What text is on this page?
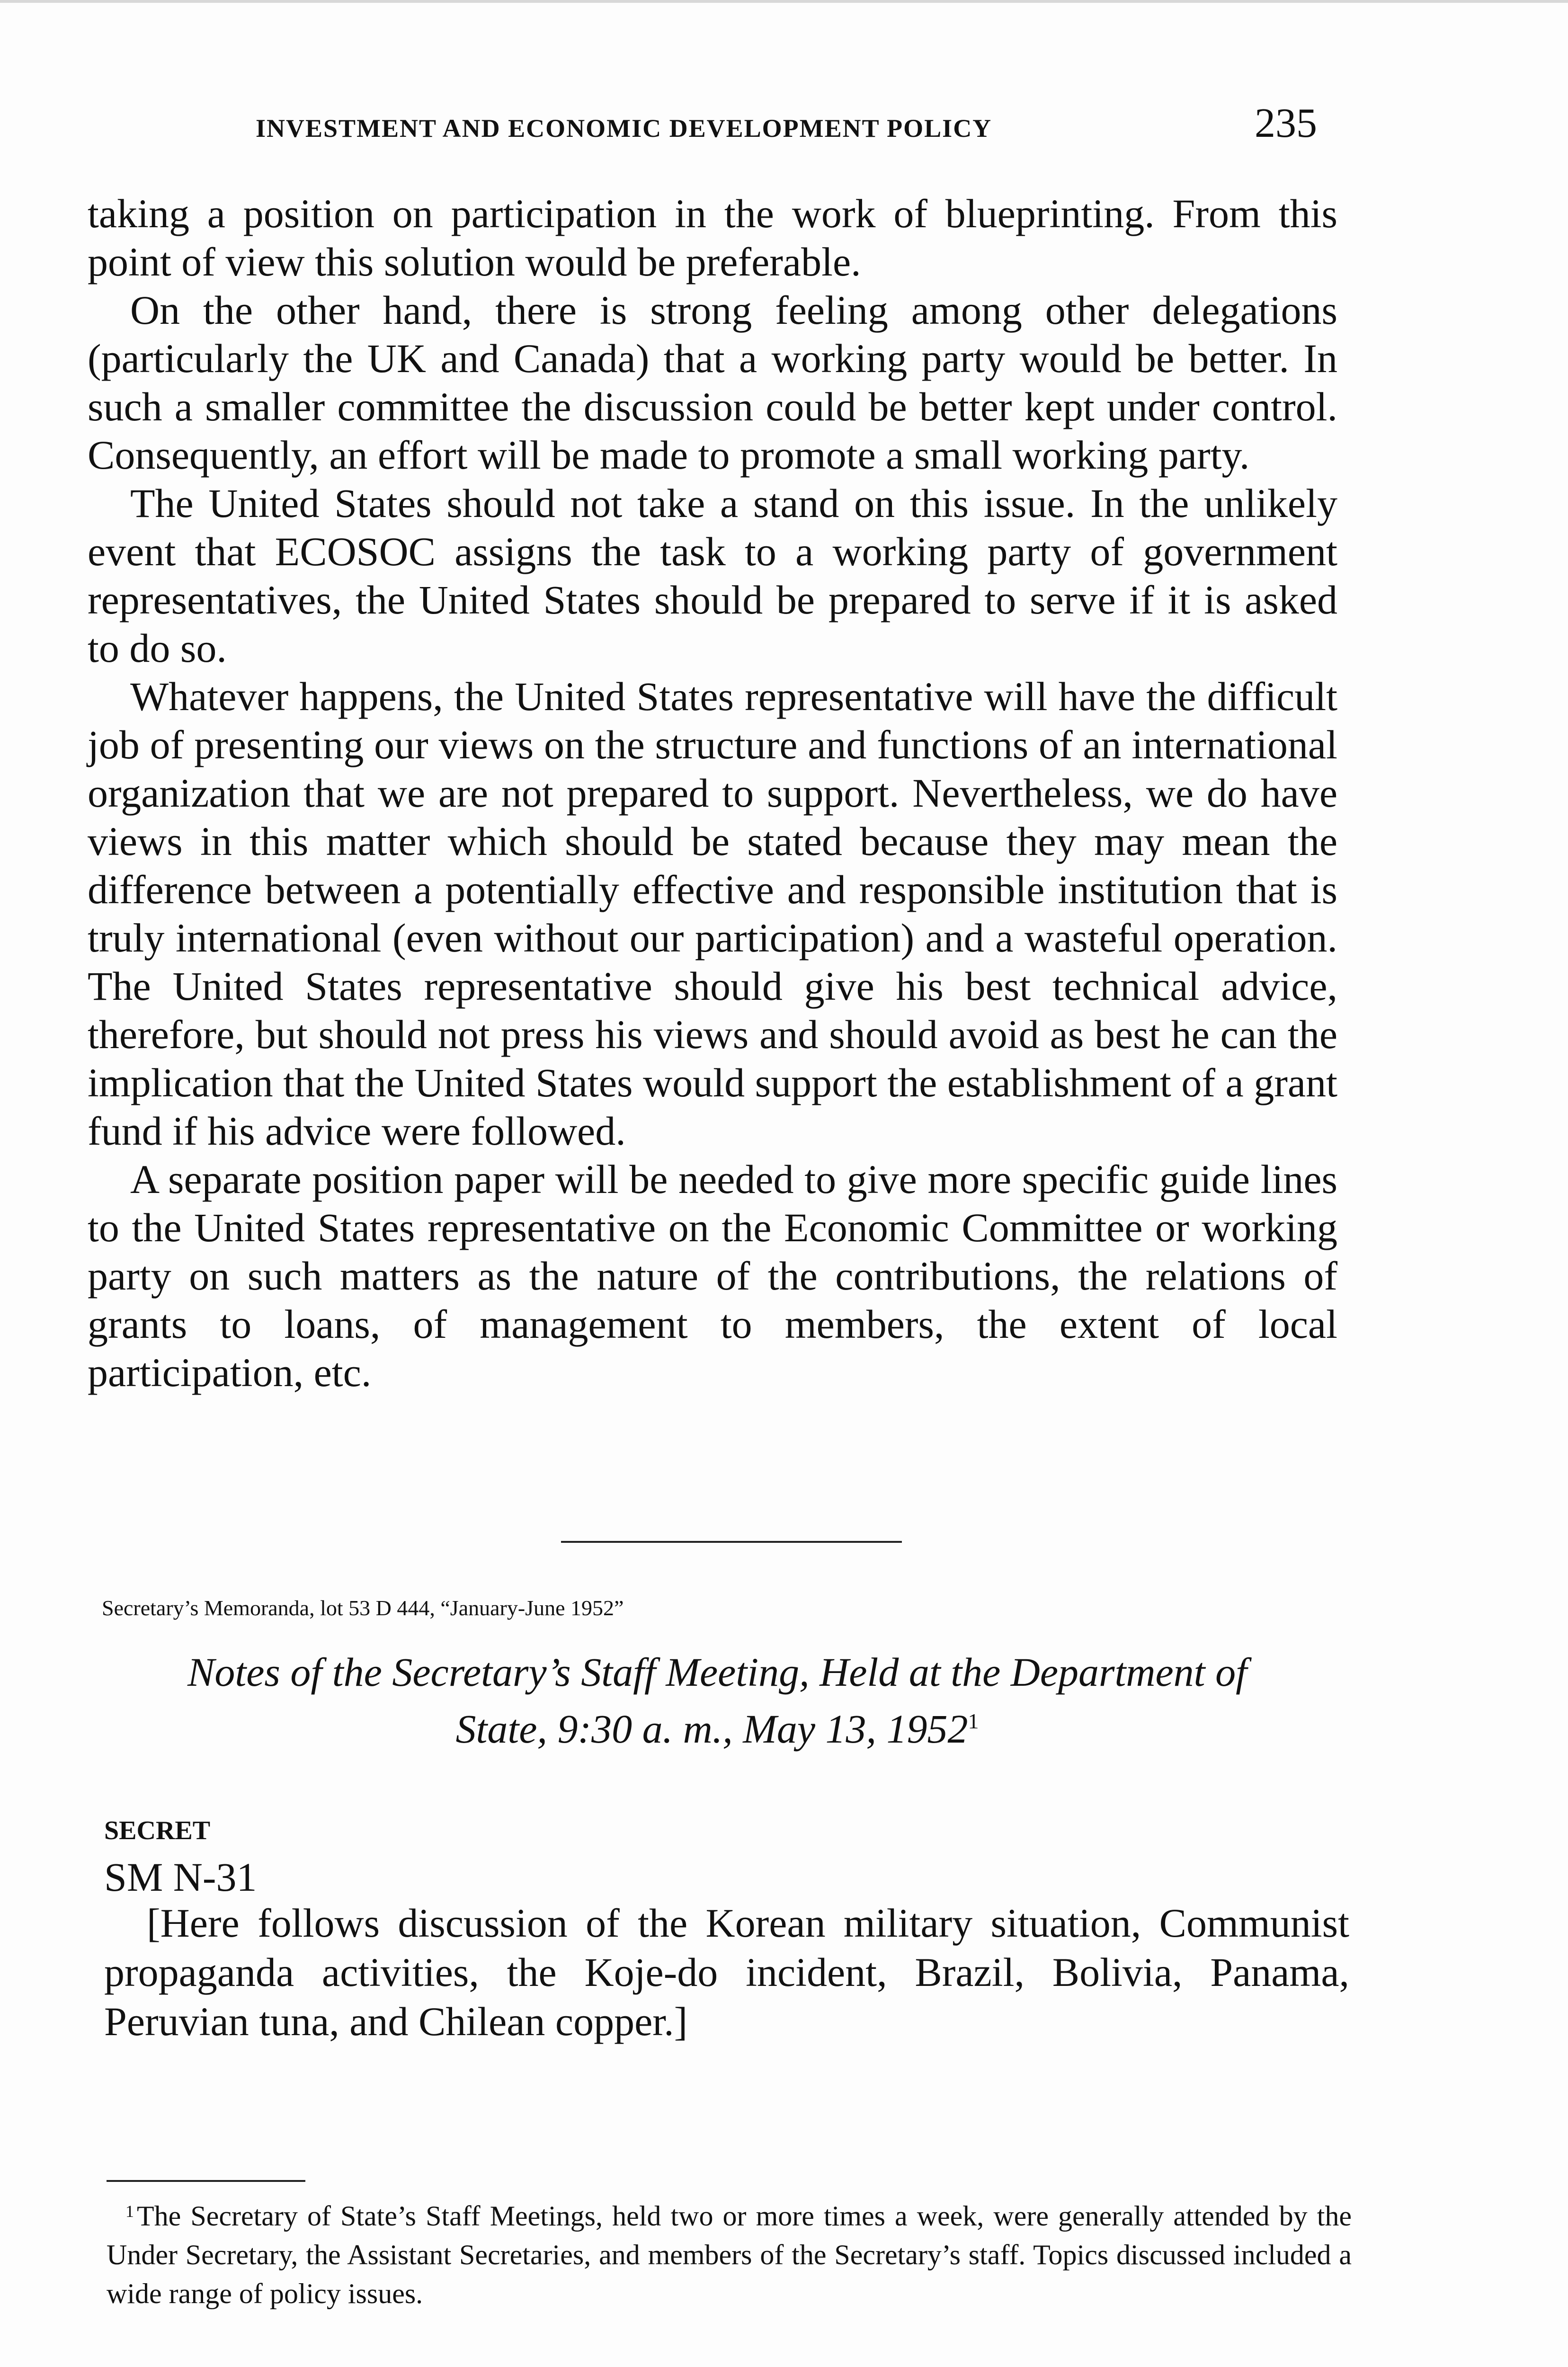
INVESTMENT AND ECONOMIC DEVELOPMENT POLICY	235

taking a position on participation in the work of blueprinting. From this point of view this solution would be preferable.

On the other hand, there is strong feeling among other delegations (particularly the UK and Canada) that a working party would be better. In such a smaller committee the discussion could be better kept under control. Consequently, an effort will be made to promote a small working party.

The United States should not take a stand on this issue. In the unlikely event that ECOSOC assigns the task to a working party of government representatives, the United States should be prepared to serve if it is asked to do so.

Whatever happens, the United States representative will have the difficult job of presenting our views on the structure and functions of an international organization that we are not prepared to support. Nevertheless, we do have views in this matter which should be stated because they may mean the difference between a potentially effective and responsible institution that is truly international (even without our participation) and a wasteful operation. The United States representative should give his best technical advice, therefore, but should not press his views and should avoid as best he can the implication that the United States would support the establishment of a grant fund if his advice were followed.

A separate position paper will be needed to give more specific guide lines to the United States representative on the Economic Committee or working party on such matters as the nature of the contributions, the relations of grants to loans, of management to members, the extent of local participation, etc.

Secretary’s Memoranda, lot 53 D 444, “January-June 1952”
Notes of the Secretary’s Staff Meeting, Held at the Department of
State, 9:30 a. m., May 13, 1952$^1$
SECRET
SM N-31

[Here follows discussion of the Korean military situation, Communist propaganda activities, the Koje-do incident, Brazil, Bolivia, Panama, Peruvian tuna, and Chilean copper.]

$^1$ The Secretary of State’s Staff Meetings, held two or more times a week, were generally attended by the Under Secretary, the Assistant Secretaries, and members of the Secretary’s staff. Topics discussed included a wide range of policy issues.
